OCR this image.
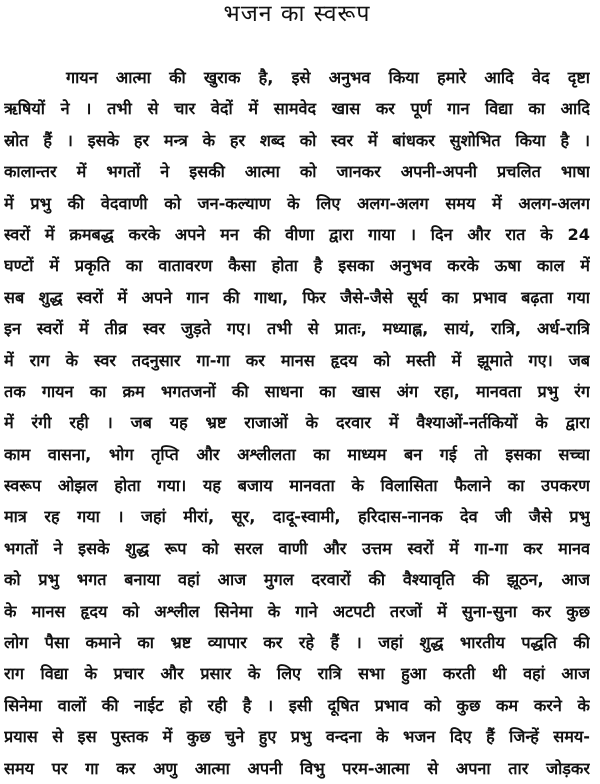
भजन का स्वरूप
गायन आत्मा की खुराक है, इसे अनुभव किया हमारे आदि वेद दृष्टा
ऋषियों ने । तभी से चार वेदों में सामवेद खास कर पूर्ण गान विद्या का आदि
स्रोत हैं । इसके हर मन्त्र के हर शब्द को स्वर में बांधकर सुशोभित किया है ।
कालान्तर में भगतों ने इसकी आत्मा को जानकर अपनी-अपनी प्रचलित भाषा
में प्रभु की वेदवाणी को जन-कल्याण के लिए अलग-अलग समय में अलग-अलग
स्वरों में क्रमबद्ध करके अपने मन की वीणा द्वारा गाया । दिन और रात के 24
घण्टों में प्रकृति का वातावरण कैसा होता है इसका अनुभव करके ऊषा काल में
सब शुद्ध स्वरों में अपने गान की गाथा, फिर जैसे-जैसे सूर्य का प्रभाव बढ़ता गया
इन स्वरों में तीव्र स्वर जुड़ते गए। तभी से प्रातः, मध्याह्न, सायं, रात्रि, अर्ध-रात्रि
में राग के स्वर तदनुसार गा-गा कर मानस हृदय को मस्ती में झूमाते गए। जब
तक गायन का क्रम भगतजनों की साधना का खास अंग रहा, मानवता प्रभु रंग
में रंगी रही । जब यह भ्रष्ट राजाओं के दरवार में वैश्याओं-नर्तकियों के द्वारा
काम वासना, भोग तृप्ति और अश्लीलता का माध्यम बन गई तो इसका सच्चा
स्वरूप ओझल होता गया। यह बजाय मानवता के विलासिता फैलाने का उपकरण
मात्र रह गया । जहां मीरां, सूर, दादू-स्वामी, हरिदास-नानक देव जी जैसे प्रभु
भगतों ने इसके शुद्ध रूप को सरल वाणी और उत्तम स्वरों में गा-गा कर मानव
को प्रभु भगत बनाया वहां आज मुगल दरवारों की वैश्यावृति की झूठन, आज
के मानस हृदय को अश्लील सिनेमा के गाने अटपटी तरजों में सुना-सुना कर कुछ
लोग पैसा कमाने का भ्रष्ट व्यापार कर रहे हैं । जहां शुद्ध भारतीय पद्धति की
राग विद्या के प्रचार और प्रसार के लिए रात्रि सभा हुआ करती थी वहां आज
सिनेमा वालों की नाईट हो रही है । इसी दूषित प्रभाव को कुछ कम करने के
प्रयास से इस पुस्तक में कुछ चुने हुए प्रभु वन्दना के भजन दिए हैं जिन्हें समय-
समय पर गा कर अणु आत्मा अपनी विभु परम-आत्मा से अपना तार जोड़कर
